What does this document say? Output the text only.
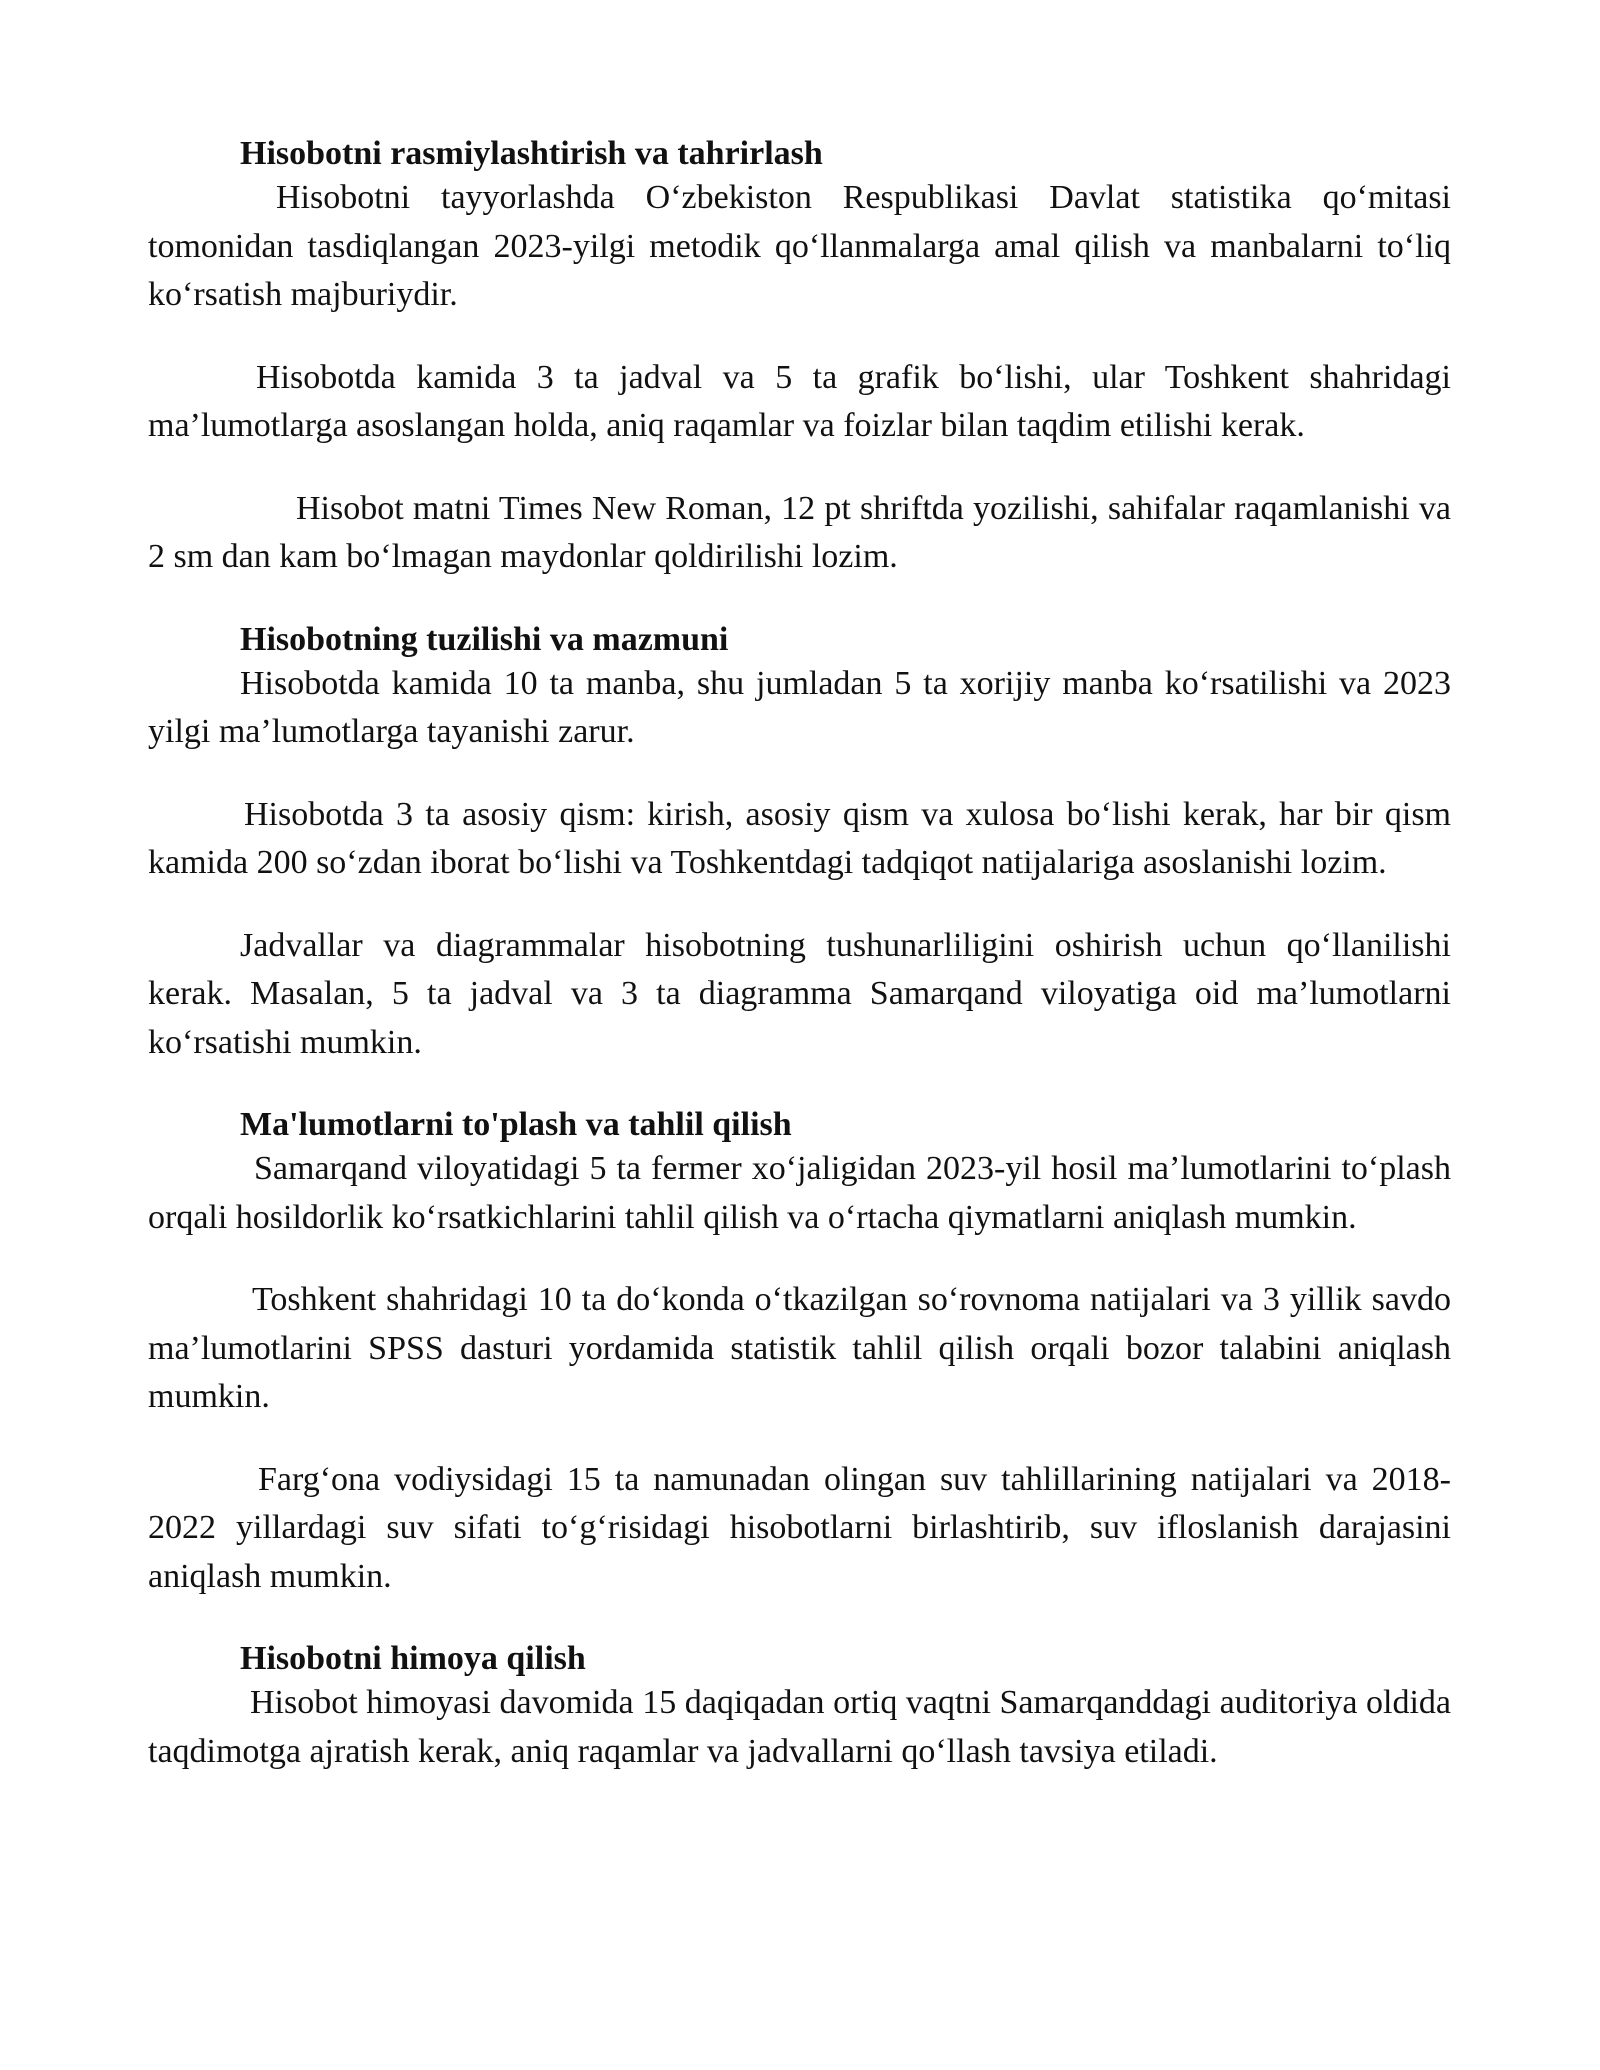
Hisobotni rasmiylashtirish va tahrirlash

Hisobotni tayyorlashda O‘zbekiston Respublikasi Davlat statistika qo‘mitasi tomonidan tasdiqlangan 2023-yilgi metodik qo‘llanmalarga amal qilish va manbalarni to‘liq ko‘rsatish majburiydir.

Hisobotda kamida 3 ta jadval va 5 ta grafik bo‘lishi, ular Toshkent shahridagi ma’lumotlarga asoslangan holda, aniq raqamlar va foizlar bilan taqdim etilishi kerak.

Hisobot matni Times New Roman, 12 pt shriftda yozilishi, sahifalar raqamlanishi va 2 sm dan kam bo‘lmagan maydonlar qoldirilishi lozim.

Hisobotning tuzilishi va mazmuni

Hisobotda kamida 10 ta manba, shu jumladan 5 ta xorijiy manba ko‘rsatilishi va 2023 yilgi ma’lumotlarga tayanishi zarur.

Hisobotda 3 ta asosiy qism: kirish, asosiy qism va xulosa bo‘lishi kerak, har bir qism kamida 200 so‘zdan iborat bo‘lishi va Toshkentdagi tadqiqot natijalariga asoslanishi lozim.

Jadvallar va diagrammalar hisobotning tushunarliligini oshirish uchun qo‘llanilishi kerak. Masalan, 5 ta jadval va 3 ta diagramma Samarqand viloyatiga oid ma’lumotlarni ko‘rsatishi mumkin.

Ma'lumotlarni to'plash va tahlil qilish

Samarqand viloyatidagi 5 ta fermer xo‘jaligidan 2023-yil hosil ma’lumotlarini to‘plash orqali hosildorlik ko‘rsatkichlarini tahlil qilish va o‘rtacha qiymatlarni aniqlash mumkin.

Toshkent shahridagi 10 ta do‘konda o‘tkazilgan so‘rovnoma natijalari va 3 yillik savdo ma’lumotlarini SPSS dasturi yordamida statistik tahlil qilish orqali bozor talabini aniqlash mumkin.

Farg‘ona vodiysidagi 15 ta namunadan olingan suv tahlillarining natijalari va 2018-2022 yillardagi suv sifati to‘g‘risidagi hisobotlarni birlashtirib, suv ifloslanish darajasini aniqlash mumkin.

Hisobotni himoya qilish

Hisobot himoyasi davomida 15 daqiqadan ortiq vaqtni Samarqanddagi auditoriya oldida taqdimotga ajratish kerak, aniq raqamlar va jadvallarni qo‘llash tavsiya etiladi.
